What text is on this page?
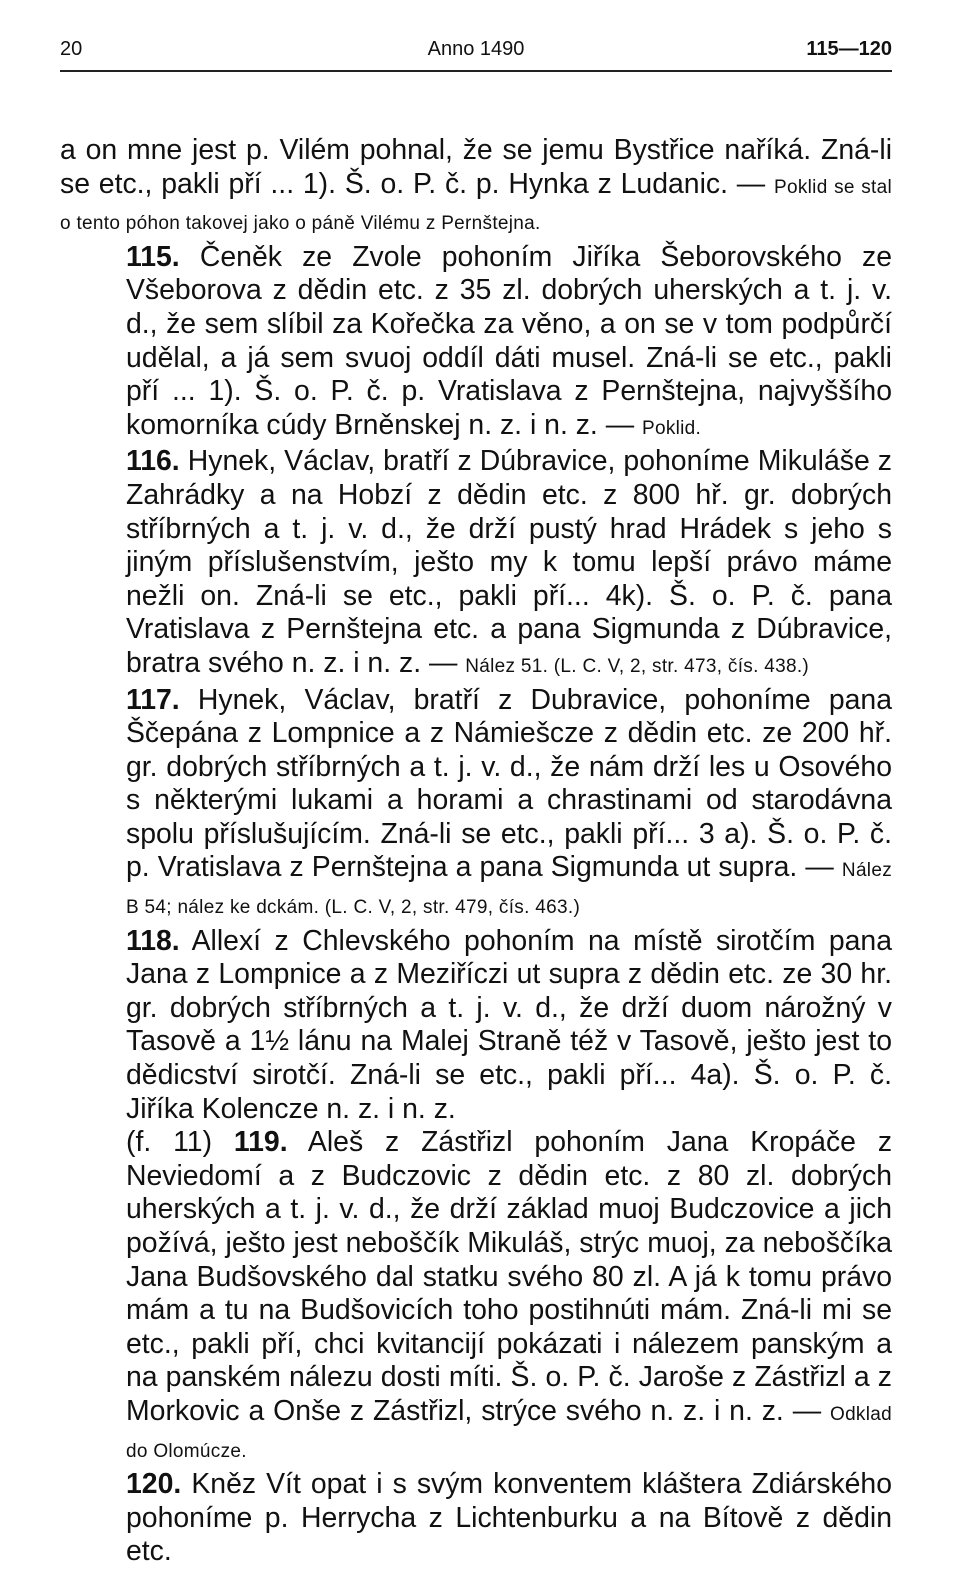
20	Anno 1490	115—120

a on mne jest p. Vilém pohnal, že se jemu Bystřice naříká. Zná-li se etc., pakli pří ... 1). Š. o. P. č. p. Hynka z Ludanic. — Poklid se stal o tento póhon takovej jako o páně Vilému z Pernštejna.

115. Čeněk ze Zvole pohoním Jiříka Šeborovského ze Všeborova z dědin etc. z 35 zl. dobrých uherských a t. j. v. d., že sem slíbil za Kořečka za věno, a on se v tom podpůrčí udělal, a já sem svuoj oddíl dáti musel. Zná-li se etc., pakli pří ... 1). Š. o. P. č. p. Vratislava z Pernštejna, najvyššího komorníka cúdy Brněnskej n. z. i n. z. — Poklid.

116. Hynek, Václav, bratří z Dúbravice, pohoníme Mikuláše z Zahrádky a na Hobzí z dědin etc. z 800 hř. gr. dobrých stříbrných a t. j. v. d., že drží pustý hrad Hrádek s jeho s jiným příslušenstvím, ješto my k tomu lepší právo máme nežli on. Zná-li se etc., pakli pří... 4k). Š. o. P. č. pana Vratislava z Pernštejna etc. a pana Sigmunda z Dúbravice, bratra svého n. z. i n. z. — Nález 51. (L. C. V, 2, str. 473, čís. 438.)

117. Hynek, Václav, bratří z Dubravice, pohoníme pana Ščepána z Lompnice a z Námiešcze z dědin etc. ze 200 hř. gr. dobrých stříbrných a t. j. v. d., že nám drží les u Osového s některými lukami a horami a chrastinami od starodávna spolu příslušujícím. Zná-li se etc., pakli pří... 3 a). Š. o. P. č. p. Vratislava z Pernštejna a pana Sigmunda ut supra. — Nález B 54; nález ke dckám. (L. C. V, 2, str. 479, čís. 463.)

118. Allexí z Chlevského pohoním na místě sirotčím pana Jana z Lompnice a z Meziříczi ut supra z dědin etc. ze 30 hr. gr. dobrých stříbrných a t. j. v. d., že drží duom nárožný v Tasově a 1½ lánu na Malej Straně též v Tasově, ješto jest to dědicství sirotčí. Zná-li se etc., pakli pří... 4a). Š. o. P. č. Jiříka Kolencze n. z. i n. z.

(f. 11) 119. Aleš z Zástřizl pohoním Jana Kropáče z Neviedomí a z Budczovic z dědin etc. z 80 zl. dobrých uherských a t. j. v. d., že drží základ muoj Budczovice a jich požívá, ješto jest neboščík Mikuláš, strýc muoj, za neboščíka Jana Budšovského dal statku svého 80 zl. A já k tomu právo mám a tu na Budšovicích toho postihnúti mám. Zná-li mi se etc., pakli pří, chci kvitancijí pokázati i nálezem panským a na panském nálezu dosti míti. Š. o. P. č. Jaroše z Zástřizl a z Morkovic a Onše z Zástřizl, strýce svého n. z. i n. z. — Odklad do Olomúcze.

120. Kněz Vít opat i s svým konventem kláštera Zdiárského pohoníme p. Herrycha z Lichtenburku a na Bítově z dědin etc.
